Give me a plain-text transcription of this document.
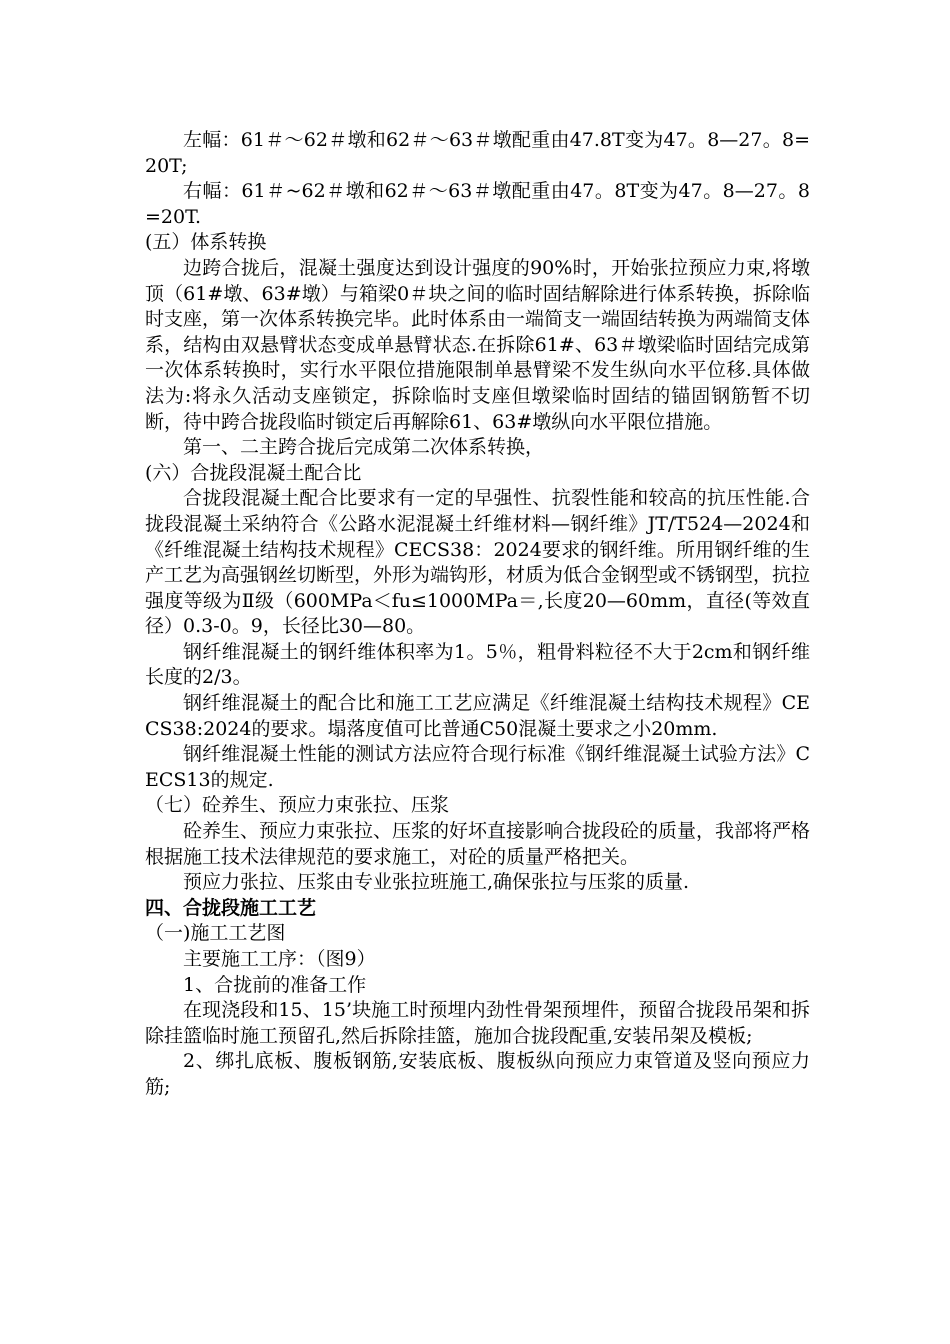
左幅：61＃～62＃墩和62＃～63＃墩配重由47.8T变为47。8—27。8=20T;

右幅：61＃~62＃墩和62＃～63＃墩配重由47。8T变为47。8—27。8=20T.

(五）体系转换

边跨合拢后，混凝土强度达到设计强度的90%时，开始张拉预应力束,将墩顶（61#墩、63#墩）与箱梁0＃块之间的临时固结解除进行体系转换，拆除临时支座，第一次体系转换完毕。此时体系由一端简支一端固结转换为两端简支体系，结构由双悬臂状态变成单悬臂状态.在拆除61#、63＃墩梁临时固结完成第一次体系转换时，实行水平限位措施限制单悬臂梁不发生纵向水平位移.具体做法为:将永久活动支座锁定，拆除临时支座但墩梁临时固结的锚固钢筋暂不切断，待中跨合拢段临时锁定后再解除61、63#墩纵向水平限位措施。

第一、二主跨合拢后完成第二次体系转换，

(六）合拢段混凝土配合比

合拢段混凝土配合比要求有一定的早强性、抗裂性能和较高的抗压性能.合拢段混凝土采纳符合《公路水泥混凝土纤维材料—钢纤维》JT/T524—2024和《纤维混凝土结构技术规程》CECS38：2024要求的钢纤维。所用钢纤维的生产工艺为高强钢丝切断型，外形为端钩形，材质为低合金钢型或不锈钢型，抗拉强度等级为Ⅱ级（600MPa＜fu≤1000MPa＝,长度20—60mm，直径(等效直径）0.3-0。9，长径比30—80。

钢纤维混凝土的钢纤维体积率为1。5％，粗骨料粒径不大于2cm和钢纤维长度的2/3。

钢纤维混凝土的配合比和施工工艺应满足《纤维混凝土结构技术规程》CECS38:2024的要求。塌落度值可比普通C50混凝土要求之小20mm.

钢纤维混凝土性能的测试方法应符合现行标准《钢纤维混凝土试验方法》CECS13的规定.

（七）砼养生、预应力束张拉、压浆

砼养生、预应力束张拉、压浆的好坏直接影响合拢段砼的质量，我部将严格根据施工技术法律规范的要求施工，对砼的质量严格把关。

预应力张拉、压浆由专业张拉班施工,确保张拉与压浆的质量.

四、合拢段施工工艺

（一)施工工艺图

主要施工工序：（图9）

1、合拢前的准备工作

在现浇段和15、15’块施工时预埋内劲性骨架预埋件，预留合拢段吊架和拆除挂篮临时施工预留孔,然后拆除挂篮，施加合拢段配重,安装吊架及模板;

2、绑扎底板、腹板钢筋,安装底板、腹板纵向预应力束管道及竖向预应力筋;
